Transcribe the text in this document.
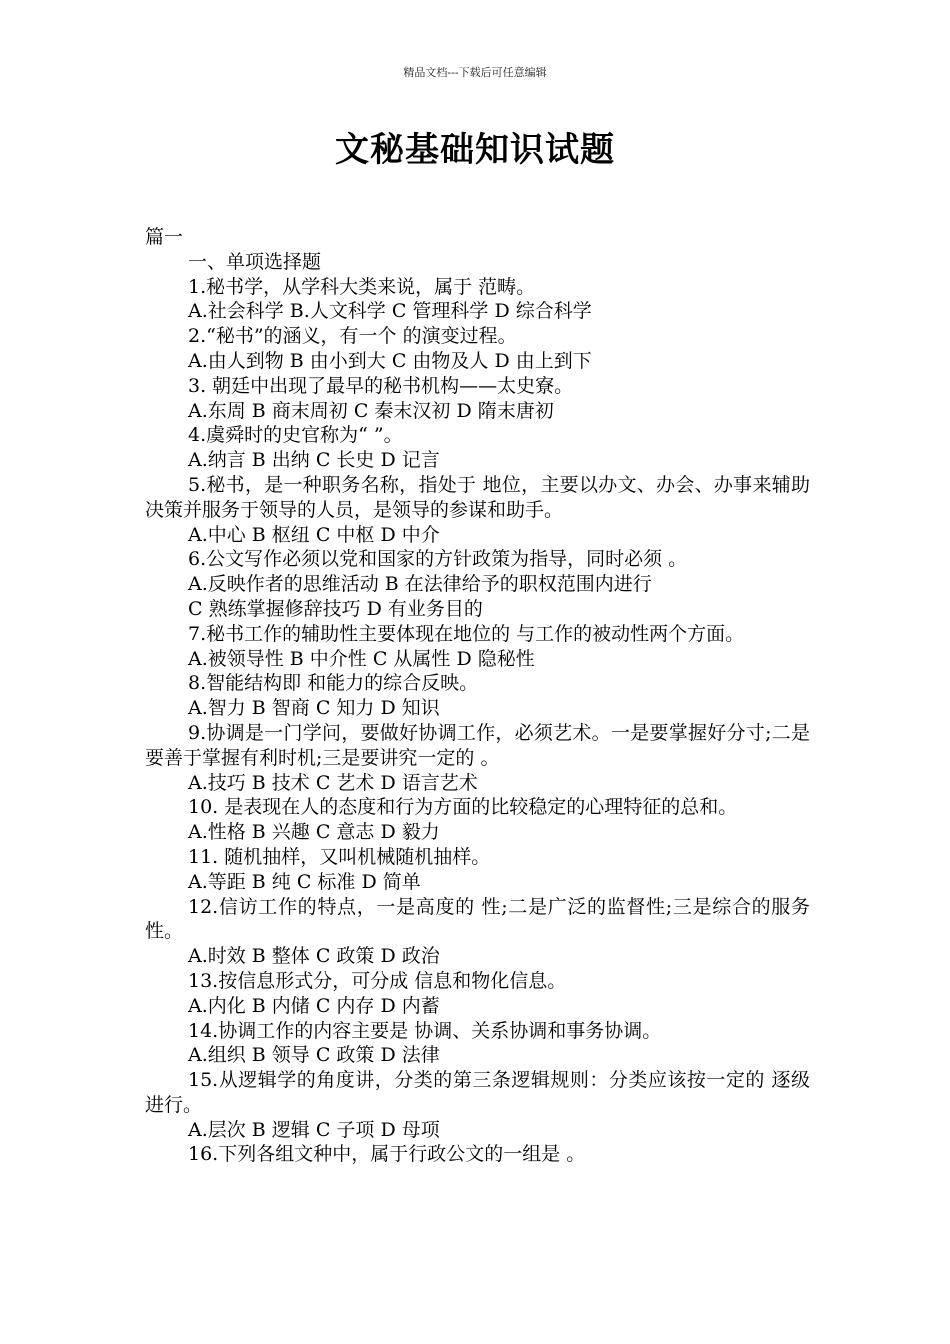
精品文档---下载后可任意编辑
文秘基础知识试题

篇一

一、单项选择题

1.秘书学，从学科大类来说，属于 范畴。

A.社会科学 B.人文科学 C 管理科学 D 综合科学

2.“秘书”的涵义，有一个 的演变过程。

A.由人到物 B 由小到大 C 由物及人 D 由上到下

3. 朝廷中出现了最早的秘书机构——太史寮。

A.东周 B 商末周初 C 秦末汉初 D 隋末唐初

4.虞舜时的史官称为“ ”。

A.纳言 B 出纳 C 长史 D 记言

5.秘书，是一种职务名称，指处于 地位，主要以办文、办会、办事来辅助决策并服务于领导的人员，是领导的参谋和助手。

A.中心 B 枢纽 C 中枢 D 中介

6.公文写作必须以党和国家的方针政策为指导，同时必须 。

A.反映作者的思维活动 B 在法律给予的职权范围内进行

C 熟练掌握修辞技巧 D 有业务目的

7.秘书工作的辅助性主要体现在地位的 与工作的被动性两个方面。

A.被领导性 B 中介性 C 从属性 D 隐秘性

8.智能结构即 和能力的综合反映。

A.智力 B 智商 C 知力 D 知识

9.协调是一门学问，要做好协调工作，必须艺术。一是要掌握好分寸;二是要善于掌握有利时机;三是要讲究一定的 。

A.技巧 B 技术 C 艺术 D 语言艺术

10. 是表现在人的态度和行为方面的比较稳定的心理特征的总和。

A.性格 B 兴趣 C 意志 D 毅力

11. 随机抽样，又叫机械随机抽样。

A.等距 B 纯 C 标准 D 简单

12.信访工作的特点，一是高度的 性;二是广泛的监督性;三是综合的服务性。

A.时效 B 整体 C 政策 D 政治

13.按信息形式分，可分成 信息和物化信息。

A.内化 B 内储 C 内存 D 内蓄

14.协调工作的内容主要是 协调、关系协调和事务协调。

A.组织 B 领导 C 政策 D 法律

15.从逻辑学的角度讲，分类的第三条逻辑规则：分类应该按一定的 逐级进行。

A.层次 B 逻辑 C 子项 D 母项

16.下列各组文种中，属于行政公文的一组是 。
